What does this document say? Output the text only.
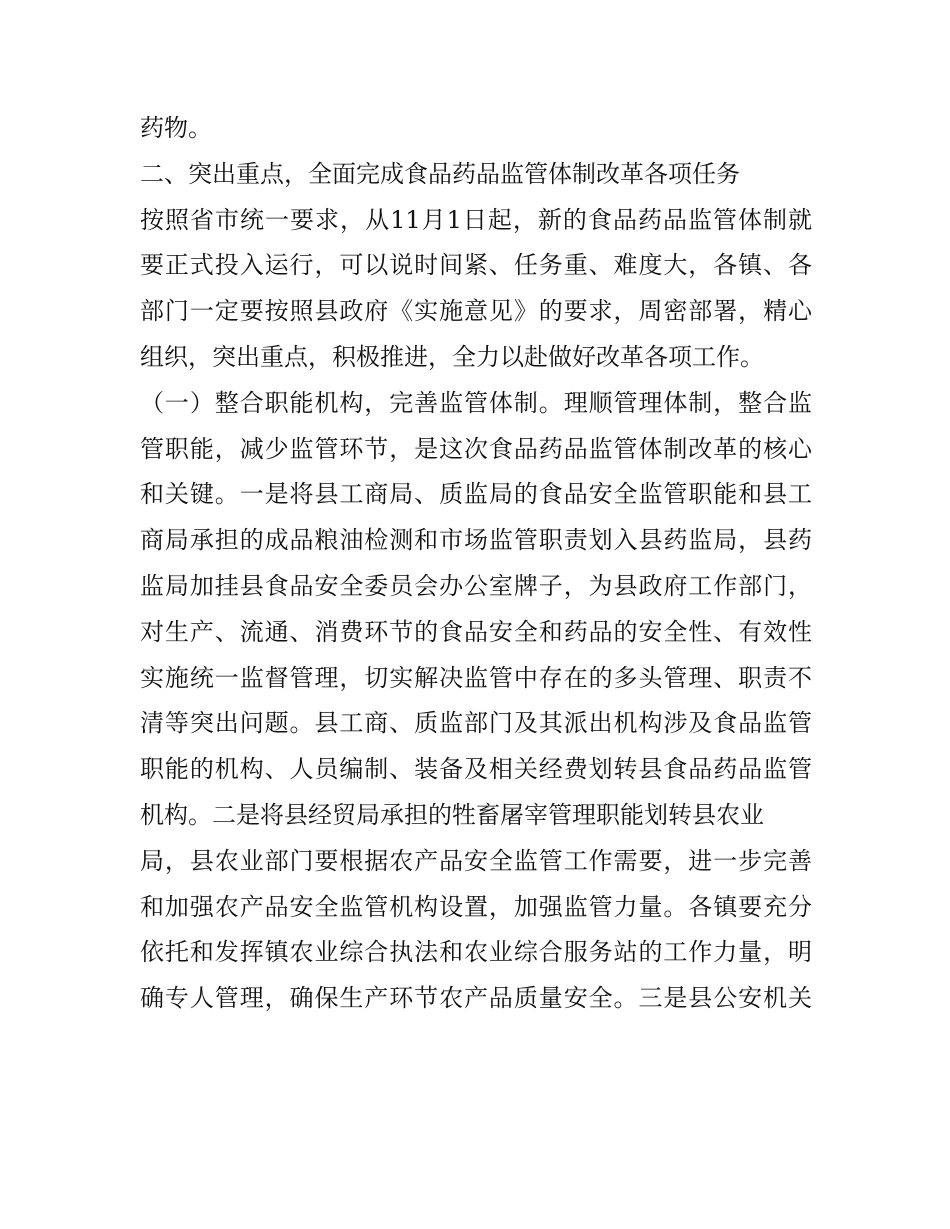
药物。
二、突出重点，全面完成食品药品监管体制改革各项任务
按照省市统一要求，从11月1日起，新的食品药品监管体制就
要正式投入运行，可以说时间紧、任务重、难度大，各镇、各
部门一定要按照县政府《实施意见》的要求，周密部署，精心
组织，突出重点，积极推进，全力以赴做好改革各项工作。
（一）整合职能机构，完善监管体制。理顺管理体制，整合监
管职能，减少监管环节，是这次食品药品监管体制改革的核心
和关键。一是将县工商局、质监局的食品安全监管职能和县工
商局承担的成品粮油检测和市场监管职责划入县药监局，县药
监局加挂县食品安全委员会办公室牌子，为县政府工作部门，
对生产、流通、消费环节的食品安全和药品的安全性、有效性
实施统一监督管理，切实解决监管中存在的多头管理、职责不
清等突出问题。县工商、质监部门及其派出机构涉及食品监管
职能的机构、人员编制、装备及相关经费划转县食品药品监管
机构。二是将县经贸局承担的牲畜屠宰管理职能划转县农业
局，县农业部门要根据农产品安全监管工作需要，进一步完善
和加强农产品安全监管机构设置，加强监管力量。各镇要充分
依托和发挥镇农业综合执法和农业综合服务站的工作力量，明
确专人管理，确保生产环节农产品质量安全。三是县公安机关
